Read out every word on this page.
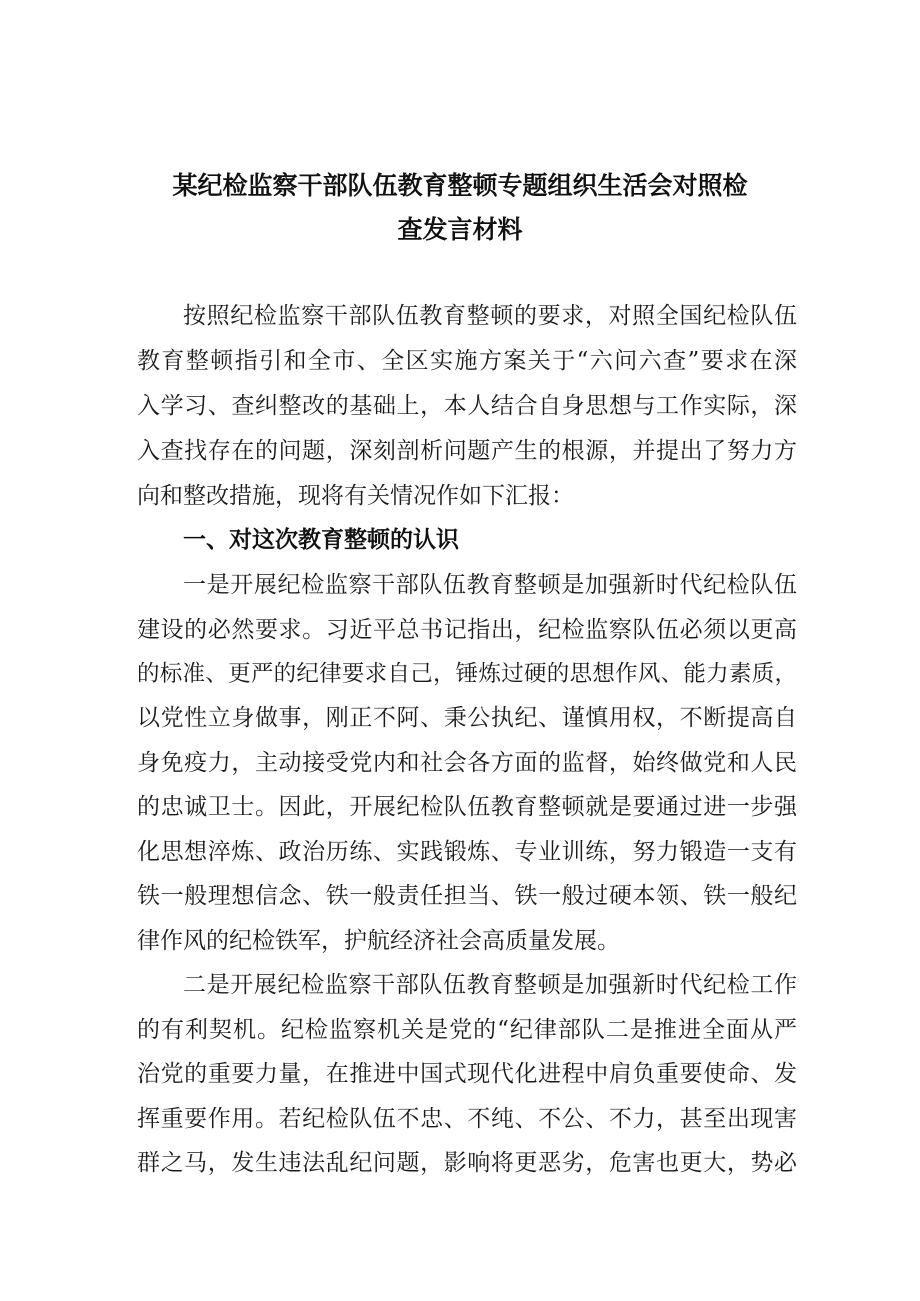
某纪检监察干部队伍教育整顿专题组织生活会对照检
查发言材料
按照纪检监察干部队伍教育整顿的要求，对照全国纪检队伍
教育整顿指引和全市、全区实施方案关于“六问六查”要求在深
入学习、查纠整改的基础上，本人结合自身思想与工作实际，深
入查找存在的问题，深刻剖析问题产生的根源，并提出了努力方
向和整改措施，现将有关情况作如下汇报：
一、对这次教育整顿的认识
一是开展纪检监察干部队伍教育整顿是加强新时代纪检队伍
建设的必然要求。习近平总书记指出，纪检监察队伍必须以更高
的标准、更严的纪律要求自己，锤炼过硬的思想作风、能力素质，
以党性立身做事，刚正不阿、秉公执纪、谨慎用权，不断提高自
身免疫力，主动接受党内和社会各方面的监督，始终做党和人民
的忠诚卫士。因此，开展纪检队伍教育整顿就是要通过进一步强
化思想淬炼、政治历练、实践锻炼、专业训练，努力锻造一支有
铁一般理想信念、铁一般责任担当、铁一般过硬本领、铁一般纪
律作风的纪检铁军，护航经济社会高质量发展。
二是开展纪检监察干部队伍教育整顿是加强新时代纪检工作
的有利契机。纪检监察机关是党的“纪律部队二是推进全面从严
治党的重要力量，在推进中国式现代化进程中肩负重要使命、发
挥重要作用。若纪检队伍不忠、不纯、不公、不力，甚至出现害
群之马，发生违法乱纪问题，影响将更恶劣，危害也更大，势必
